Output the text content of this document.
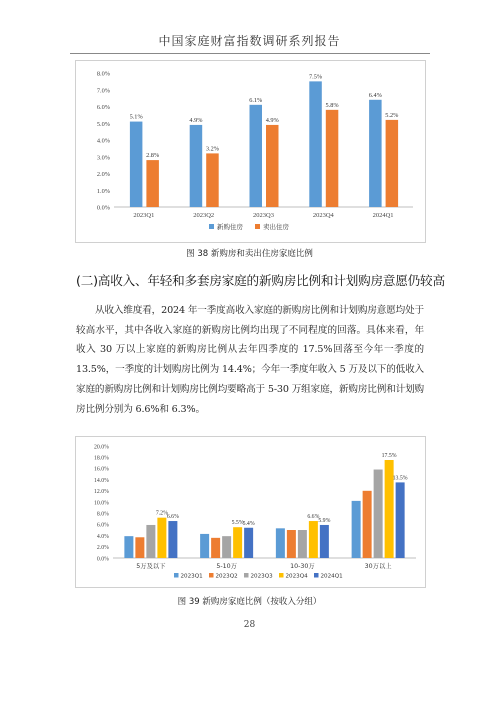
中国家庭财富指数调研系列报告
0.0%
1.0%
2.0%
3.0%
4.0%
5.0%
6.0%
7.0%
8.0%
2023Q1
5.1%
2.8%
2023Q2
4.9%
3.2%
2023Q3
6.1%
4.9%
2023Q4
7.5%
5.8%
2024Q1
6.4%
5.2%
新购住房	卖出住房
图 38 新购房和卖出住房家庭比例
(二)高收入、年轻和多套房家庭的新购房比例和计划购房意愿仍较高

从收入维度看，2024 年一季度高收入家庭的新购房比例和计划购房意愿均处于较高水平，其中各收入家庭的新购房比例均出现了不同程度的回落。具体来看，年收入 30 万以上家庭的新购房比例从去年四季度的 17.5%回落至今年一季度的 13.5%，一季度的计划购房比例为 14.4%；今年一季度年收入 5 万及以下的低收入家庭的新购房比例和计划购房比例均要略高于 5-30 万组家庭，新购房比例和计划购房比例分别为 6.6%和 6.3%。

0.0%
2.0%
4.0%
6.0%
8.0%
10.0%
12.0%
14.0%
16.0%
18.0%
20.0%
5万及以下	5-10万	10-30万	30万以上
7.2%
6.6%
5.5%
5.4%
6.6%
5.9%
17.5%
13.5%
2023Q1 2023Q2 2023Q3 2023Q4 2024Q1
图 39 新购房家庭比例（按收入分组）
28
